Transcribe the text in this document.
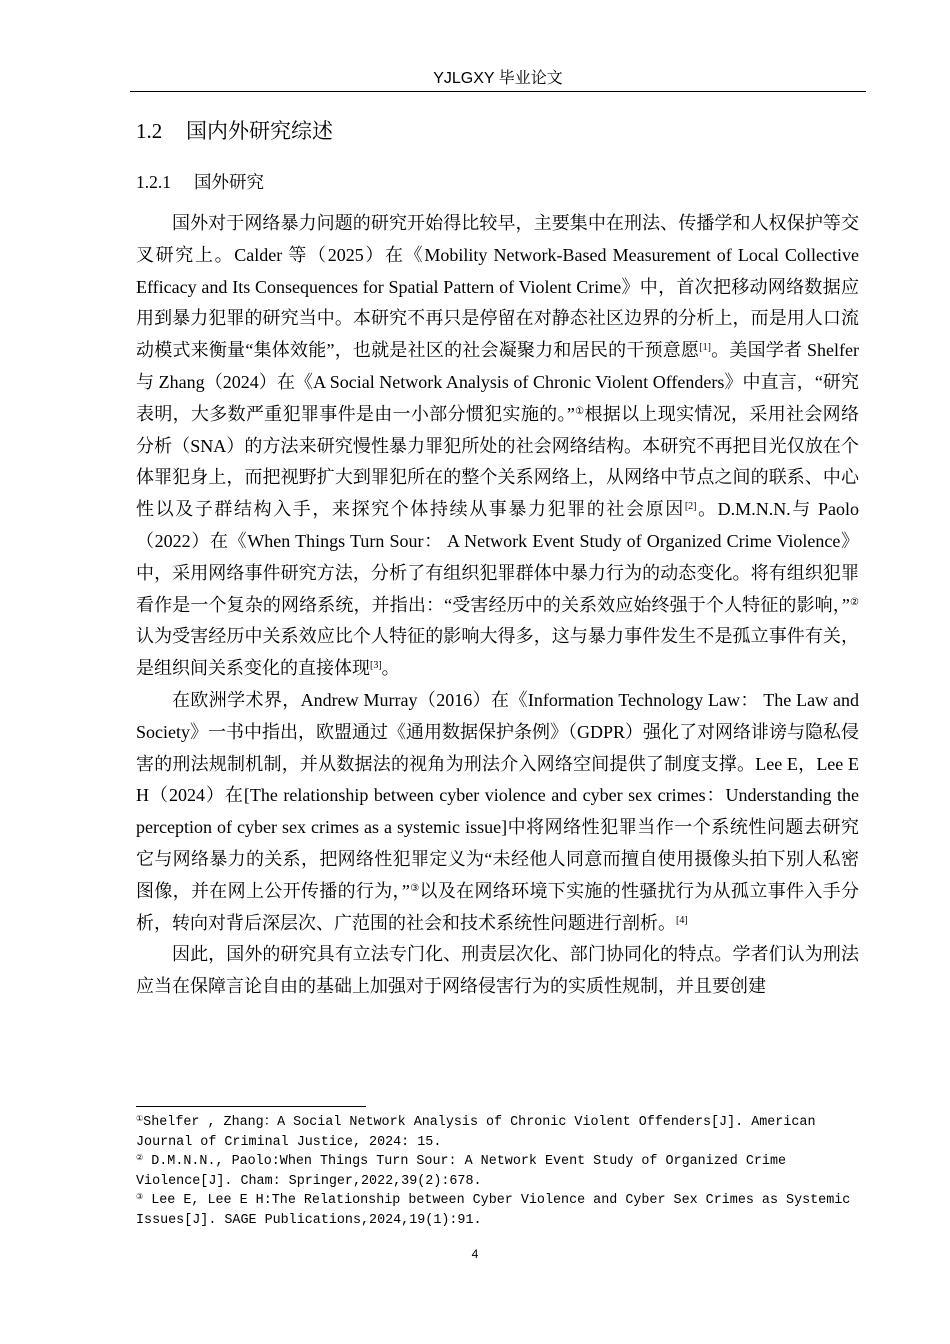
YJLGXY 毕业论文
1.2 国内外研究综述
1.2.1 国外研究

国外对于网络暴力问题的研究开始得比较早，主要集中在刑法、传播学和人权保护等交叉研究上。Calder 等（2025）在《Mobility Network-Based Measurement of Local Collective Efficacy and Its Consequences for Spatial Pattern of Violent Crime》中，首次把移动网络数据应用到暴力犯罪的研究当中。本研究不再只是停留在对静态社区边界的分析上，而是用人口流动模式来衡量“集体效能”，也就是社区的社会凝聚力和居民的干预意愿[1]。美国学者 Shelfer 与 Zhang（2024）在《A Social Network Analysis of Chronic Violent Offenders》中直言，“研究表明，大多数严重犯罪事件是由一小部分惯犯实施的。”①根据以上现实情况，采用社会网络分析（SNA）的方法来研究慢性暴力罪犯所处的社会网络结构。本研究不再把目光仅放在个体罪犯身上，而把视野扩大到罪犯所在的整个关系网络上，从网络中节点之间的联系、中心性以及子群结构入手，来探究个体持续从事暴力犯罪的社会原因[2]。D.M.N.N.与 Paolo（2022）在《When Things Turn Sour： A Network Event Study of Organized Crime Violence》中，采用网络事件研究方法，分析了有组织犯罪群体中暴力行为的动态变化。将有组织犯罪看作是一个复杂的网络系统，并指出：“受害经历中的关系效应始终强于个人特征的影响，”②认为受害经历中关系效应比个人特征的影响大得多，这与暴力事件发生不是孤立事件有关，是组织间关系变化的直接体现[3]。

在欧洲学术界，Andrew Murray（2016）在《Information Technology Law： The Law and Society》一书中指出，欧盟通过《通用数据保护条例》（GDPR）强化了对网络诽谤与隐私侵害的刑法规制机制，并从数据法的视角为刑法介入网络空间提供了制度支撑。Lee E，Lee E H（2024）在[The relationship between cyber violence and cyber sex crimes：Understanding the perception of cyber sex crimes as a systemic issue]中将网络性犯罪当作一个系统性问题去研究它与网络暴力的关系，把网络性犯罪定义为“未经他人同意而擅自使用摄像头拍下别人私密图像，并在网上公开传播的行为，”③以及在网络环境下实施的性骚扰行为从孤立事件入手分析，转向对背后深层次、广范围的社会和技术系统性问题进行剖析。[4]

因此，国外的研究具有立法专门化、刑责层次化、部门协同化的特点。学者们认为刑法应当在保障言论自由的基础上加强对于网络侵害行为的实质性规制，并且要创建

①Shelfer , Zhang：A Social Network Analysis of Chronic Violent Offenders[J]. American Journal of Criminal Justice, 2024: 15.
② D.M.N.N., Paolo:When Things Turn Sour: A Network Event Study of Organized Crime Violence[J]. Cham: Springer,2022,39(2):678.
③ Lee E, Lee E H:The Relationship between Cyber Violence and Cyber Sex Crimes as Systemic Issues[J]. SAGE Publications,2024,19(1):91.
4
